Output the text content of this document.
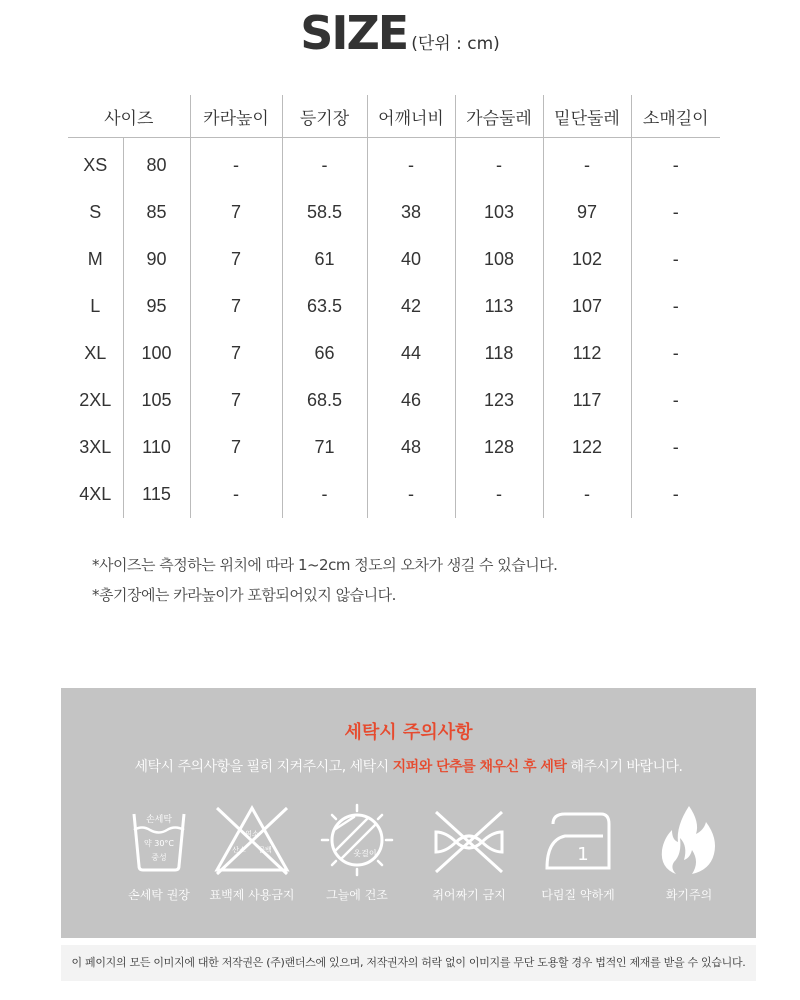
SIZE (단위 : cm)
사이즈		카라높이	등기장	어깨너비	가슴둘레	밑단둘레	소매길이
XS	80	-	-	-	-	-	-
S	85	7	58.5	38	103	97	-
M	90	7	61	40	108	102	-
L	95	7	63.5	42	113	107	-
XL	100	7	66	44	118	112	-
2XL	105	7	68.5	46	123	117	-
3XL	110	7	71	48	128	122	-
4XL	115	-	-	-	-	-	-
*사이즈는 측정하는 위치에 따라 1~2cm 정도의 오차가 생길 수 있습니다.
*총기장에는 카라높이가 포함되어있지 않습니다.
세탁시 주의사항
세탁시 주의사항을 필히 지켜주시고, 세탁시 지퍼와 단추를 채우신 후 세탁 해주시기 바랍니다.
손세탁
약 30°C
중성
손세탁 권장
염소
산소 금백
표백제 사용금지
옷걸이
그늘에 건조	쥐어짜기 금지
1
다림질 약하게	화기주의
이 페이지의 모든 이미지에 대한 저작권은 (주)랜더스에 있으며, 저작권자의 허락 없이 이미지를 무단 도용할 경우 법적인 제재를 받을 수 있습니다.
